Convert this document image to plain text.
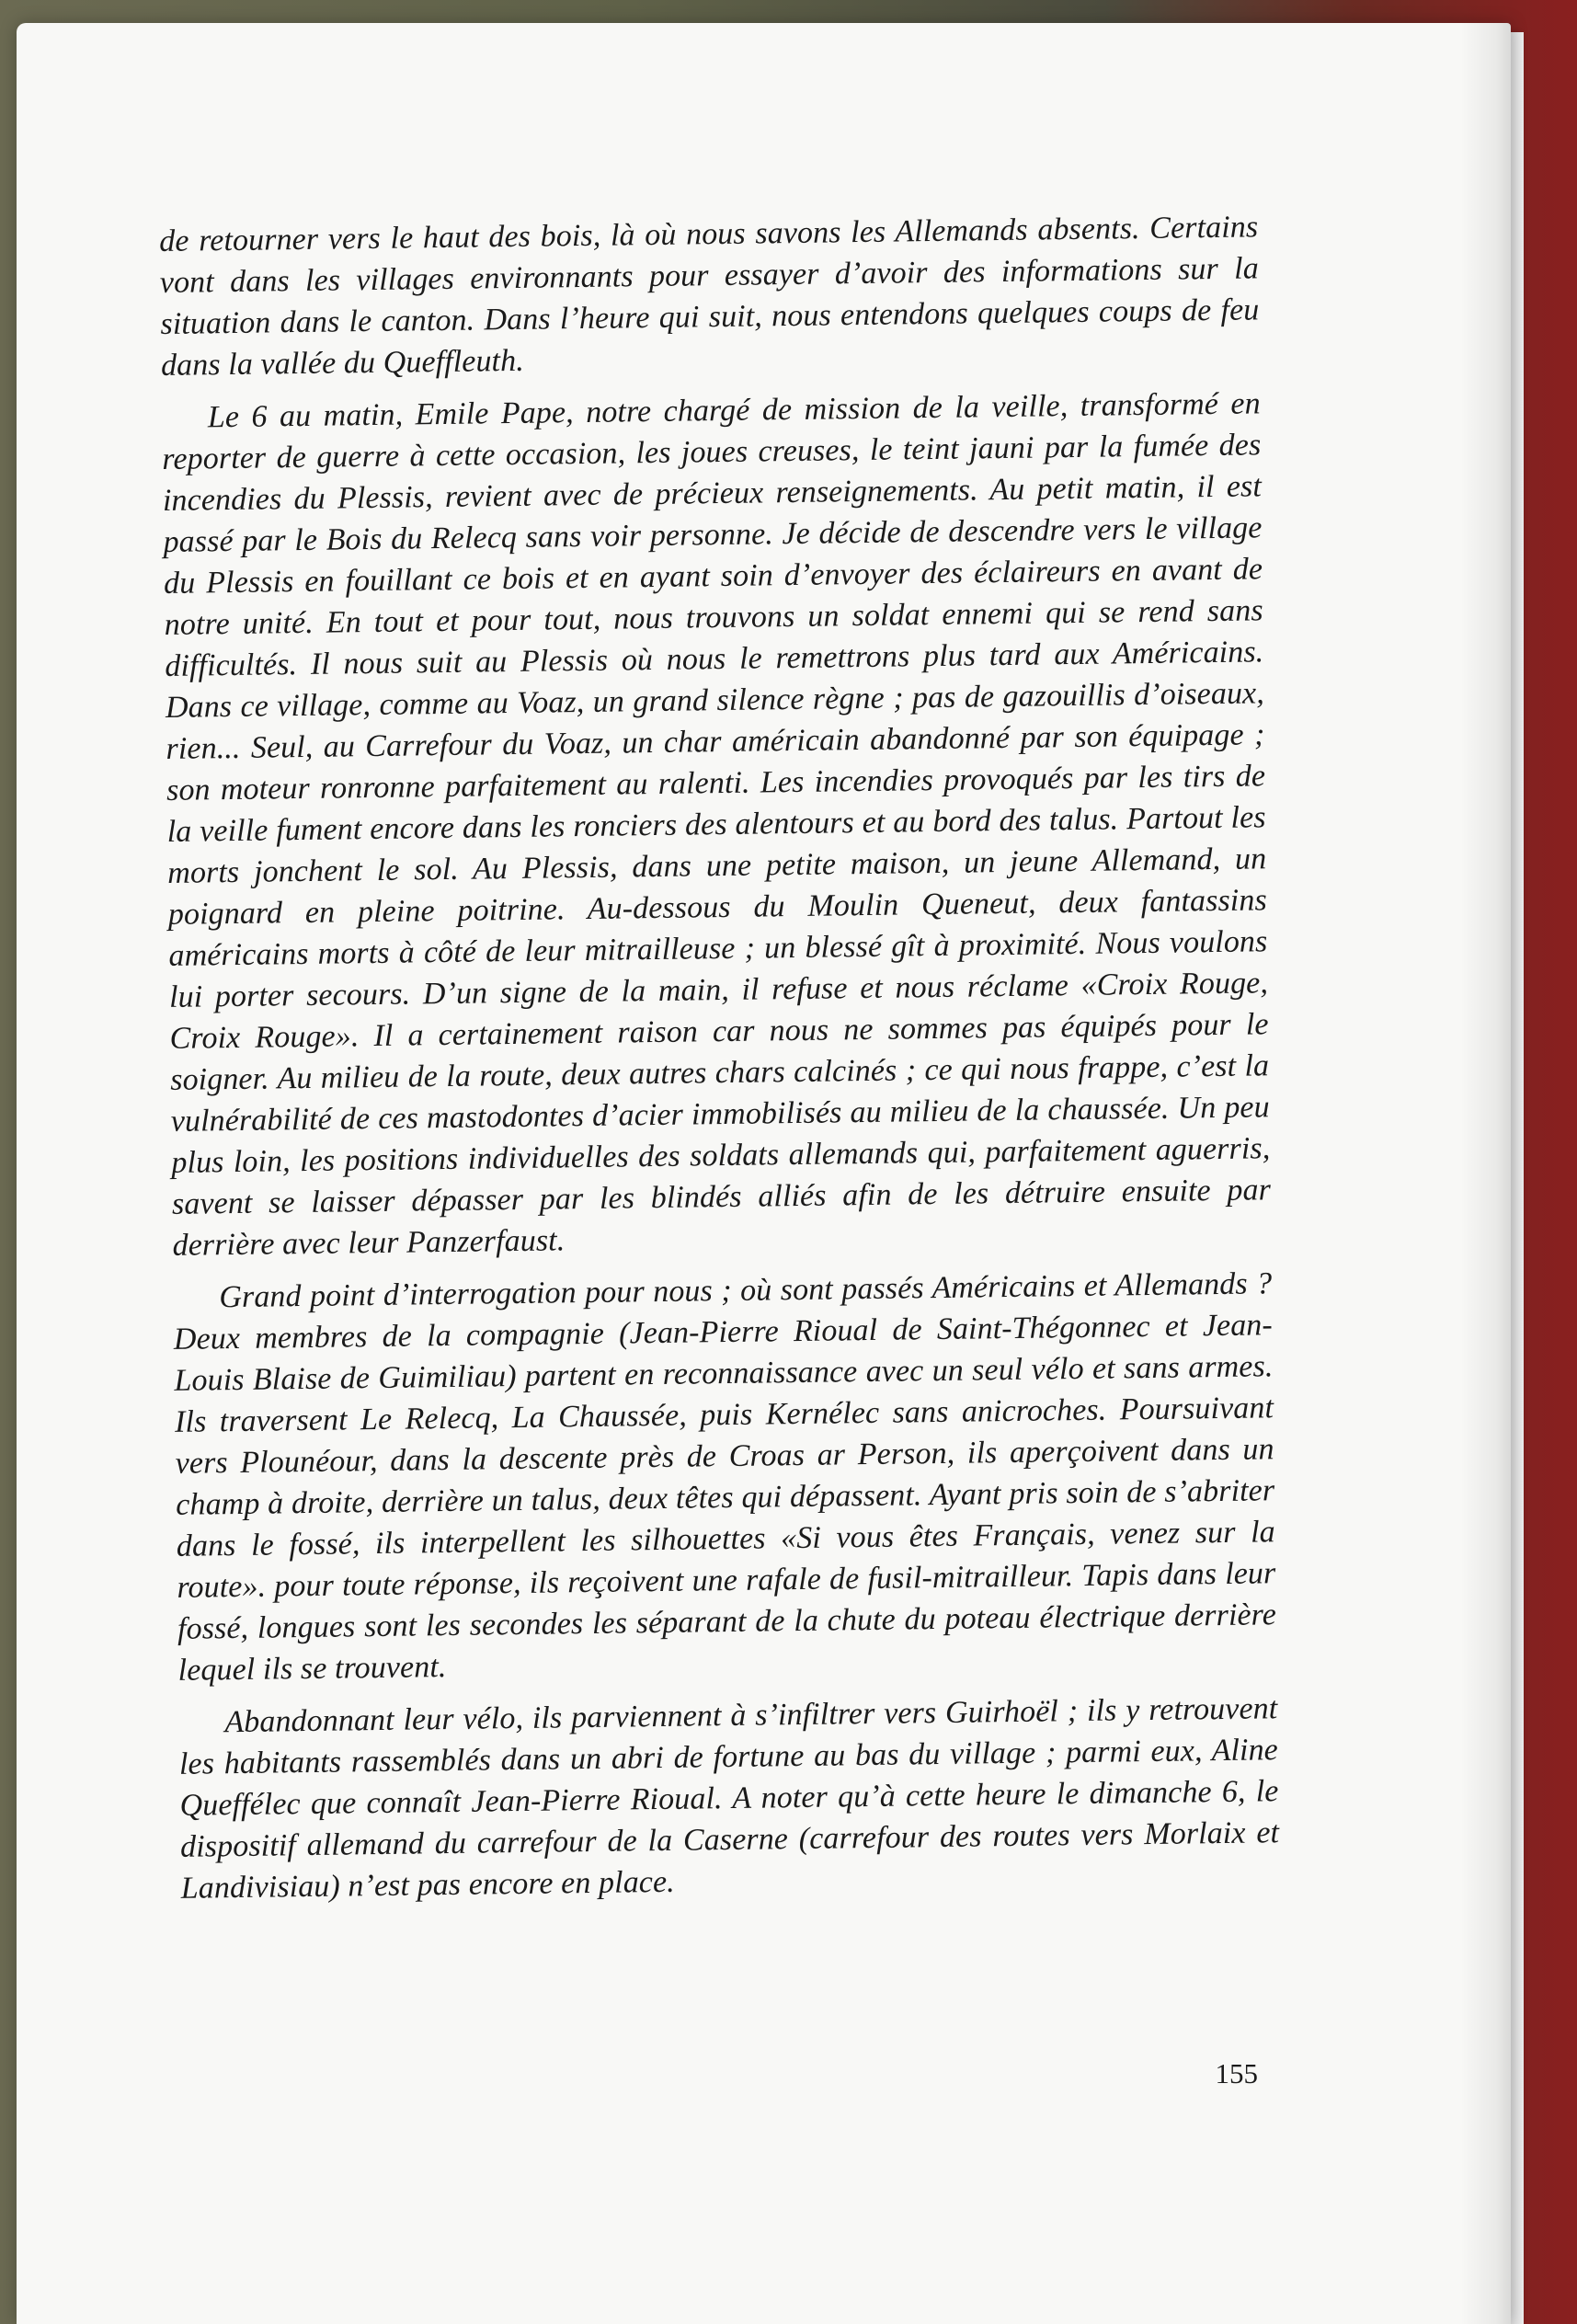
de retourner vers le haut des bois, là où nous savons les Allemands absents. Certains vont dans les villages environnants pour essayer d’avoir des informations sur la situation dans le canton. Dans l’heure qui suit, nous entendons quelques coups de feu dans la vallée du Queffleuth.

Le 6 au matin, Emile Pape, notre chargé de mission de la veille, transformé en reporter de guerre à cette occasion, les joues creuses, le teint jauni par la fumée des incendies du Plessis, revient avec de précieux renseignements. Au petit matin, il est passé par le Bois du Relecq sans voir personne. Je décide de descendre vers le village du Plessis en fouillant ce bois et en ayant soin d’envoyer des éclaireurs en avant de notre unité. En tout et pour tout, nous trouvons un soldat ennemi qui se rend sans difficultés. Il nous suit au Plessis où nous le remettrons plus tard aux Américains. Dans ce village, comme au Voaz, un grand silence règne ; pas de gazouillis d’oiseaux, rien... Seul, au Carrefour du Voaz, un char américain abandonné par son équipage ; son moteur ronronne parfaitement au ralenti. Les incendies provoqués par les tirs de la veille fument encore dans les ronciers des alentours et au bord des talus. Partout les morts jonchent le sol. Au Plessis, dans une petite maison, un jeune Allemand, un poignard en pleine poitrine. Au-dessous du Moulin Queneut, deux fantassins américains morts à côté de leur mitrailleuse ; un blessé gît à proximité. Nous voulons lui porter secours. D’un signe de la main, il refuse et nous réclame «Croix Rouge, Croix Rouge». Il a certainement raison car nous ne sommes pas équipés pour le soigner. Au milieu de la route, deux autres chars calcinés ; ce qui nous frappe, c’est la vulnérabilité de ces mastodontes d’acier immobilisés au milieu de la chaussée. Un peu plus loin, les positions individuelles des soldats allemands qui, parfaitement aguerris, savent se laisser dépasser par les blindés alliés afin de les détruire ensuite par derrière avec leur Panzerfaust.

Grand point d’interrogation pour nous ; où sont passés Américains et Allemands ? Deux membres de la compagnie (Jean-Pierre Rioual de Saint-Thégonnec et Jean-Louis Blaise de Guimiliau) partent en reconnaissance avec un seul vélo et sans armes. Ils traversent Le Relecq, La Chaussée, puis Kernélec sans anicroches. Poursuivant vers Plounéour, dans la descente près de Croas ar Person, ils aperçoivent dans un champ à droite, derrière un talus, deux têtes qui dépassent. Ayant pris soin de s’abriter dans le fossé, ils interpellent les silhouettes «Si vous êtes Français, venez sur la route». pour toute réponse, ils reçoivent une rafale de fusil-mitrailleur. Tapis dans leur fossé, longues sont les secondes les séparant de la chute du poteau électrique derrière lequel ils se trouvent.

Abandonnant leur vélo, ils parviennent à s’infiltrer vers Guirhoël ; ils y retrouvent les habitants rassemblés dans un abri de fortune au bas du village ; parmi eux, Aline Queffélec que connaît Jean-Pierre Rioual. A noter qu’à cette heure le dimanche 6, le dispositif allemand du carrefour de la Caserne (carrefour des routes vers Morlaix et Landivisiau) n’est pas encore en place.

155
